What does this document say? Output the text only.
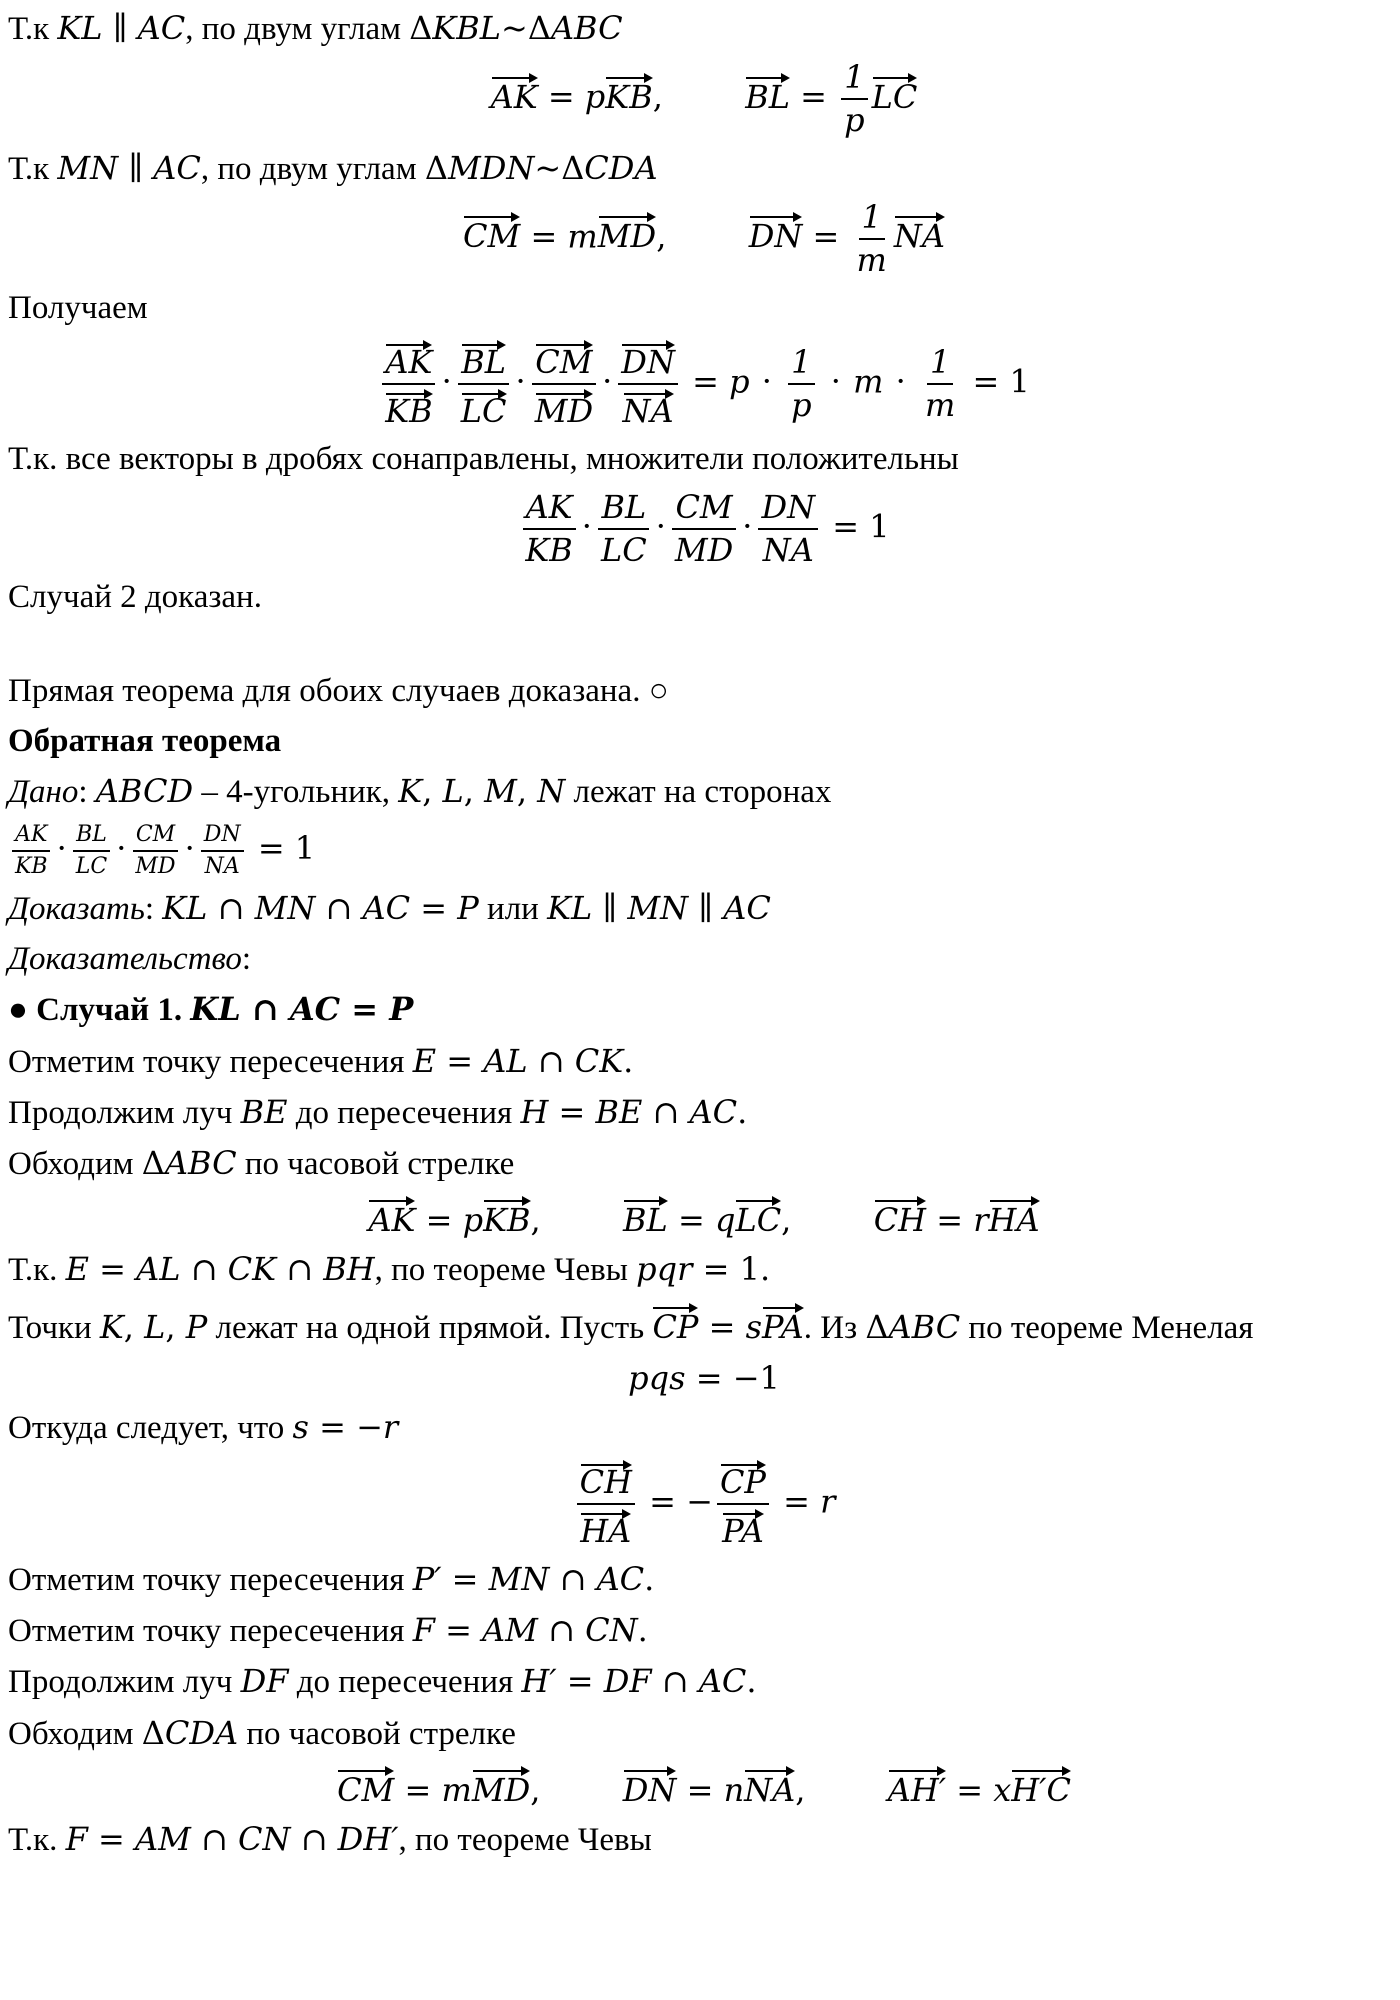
Т.к KL ∥ AC, по двум углам ΔKBL~ΔABC
AK = pKB,	BL = $\frac{1}{p}$ LC
Т.к MN ∥ AC, по двум углам ΔMDN~ΔCDA
CM = mMD,	DN = $\frac{1}{m}$ NA
Получаем
$\frac{AK}{KB} \cdot \frac{BL}{LC} \cdot \frac{CM}{MD} \cdot \frac{DN}{NA} = p \cdot \frac{1}{p} \cdot m \cdot \frac{1}{m} = 1$
Т.к. все векторы в дробях сонаправлены, множители положительны
$\frac{AK}{KB} \cdot \frac{BL}{LC} \cdot \frac{CM}{MD} \cdot \frac{DN}{NA} = 1$
Случай 2 доказан.
Прямая теорема для обоих случаев доказана. ○
Обратная теорема
Дано: ABCD – 4-угольник, K, L, M, N лежат на сторонах
$\frac{AK}{KB} \cdot \frac{BL}{LC} \cdot \frac{CM}{MD} \cdot \frac{DN}{NA} = 1$
Доказать: KL ∩ MN ∩ AC = P или KL ∥ MN ∥ AC
Доказательство:
● Случай 1. KL ∩ AC = P
Отметим точку пересечения E = AL ∩ CK.
Продолжим луч BE до пересечения H = BE ∩ AC.
Обходим ΔABC по часовой стрелке
AK = pKB,	BL = qLC,	CH = rHA
Т.к. E = AL ∩ CK ∩ BH, по теореме Чевы pqr = 1.
Точки K, L, P лежат на одной прямой. Пусть CP = sPA. Из ΔABC по теореме Менелая
pqs = −1
Откуда следует, что s = −r
$\frac{CH}{HA}$ = − $\frac{CP}{PA} = r$
Отметим точку пересечения P′ = MN ∩ AC.
Отметим точку пересечения F = AM ∩ CN.
Продолжим луч DF до пересечения H′ = DF ∩ AC.
Обходим ΔCDA по часовой стрелке
CM = mMD,	DN = nNA,	AH′ = xH′C
Т.к. F = AM ∩ CN ∩ DH′, по теореме Чевы
